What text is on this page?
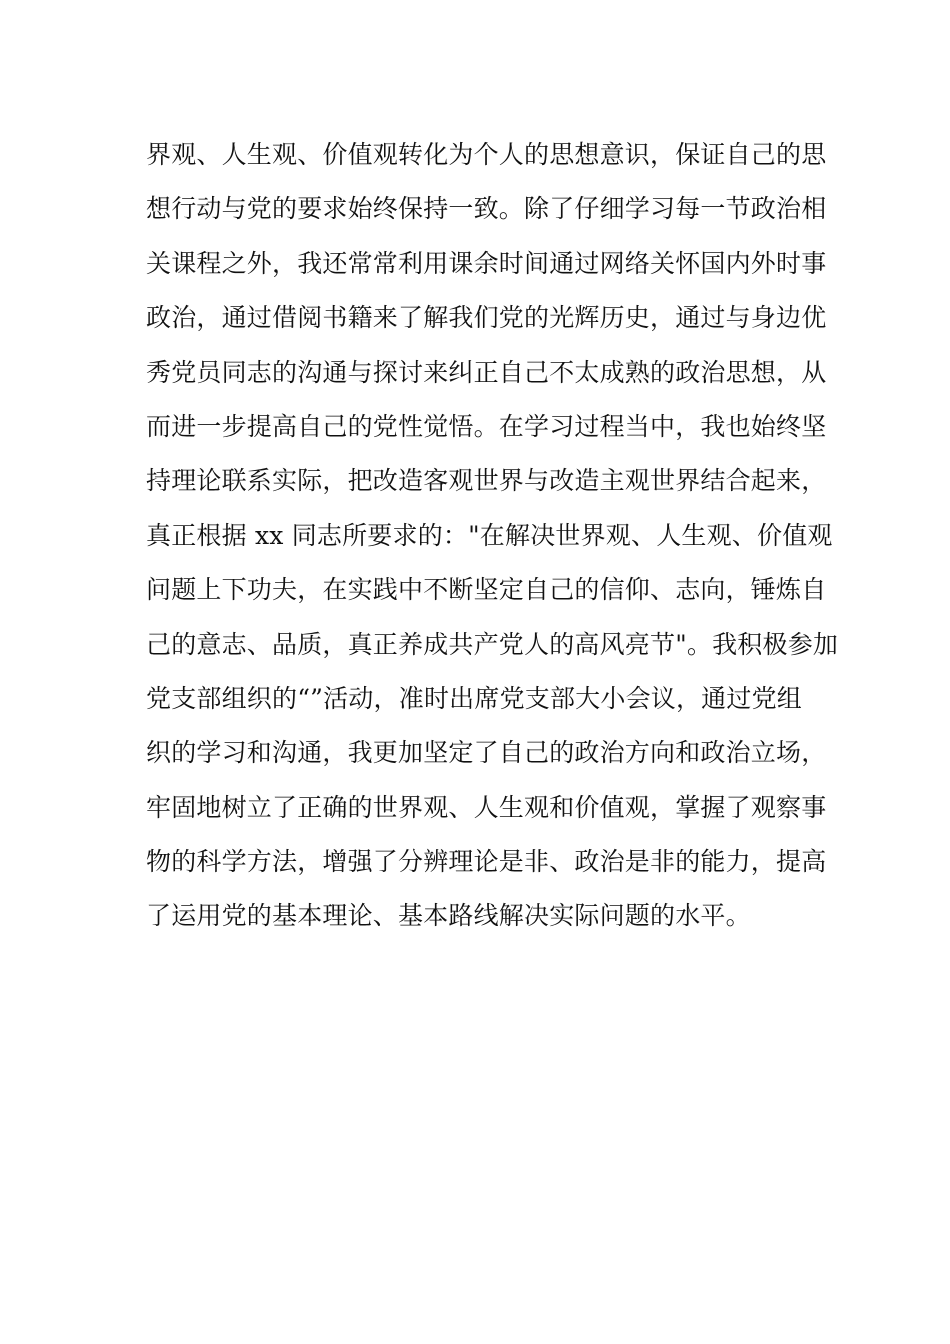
界观、人生观、价值观转化为个人的思想意识，保证自己的思
想行动与党的要求始终保持一致。除了仔细学习每一节政治相
关课程之外，我还常常利用课余时间通过网络关怀国内外时事
政治，通过借阅书籍来了解我们党的光辉历史，通过与身边优
秀党员同志的沟通与探讨来纠正自己不太成熟的政治思想，从
而进一步提高自己的党性觉悟。在学习过程当中，我也始终坚
持理论联系实际，把改造客观世界与改造主观世界结合起来，
真正根据 xx 同志所要求的："在解决世界观、人生观、价值观
问题上下功夫，在实践中不断坚定自己的信仰、志向，锤炼自
己的意志、品质，真正养成共产党人的高风亮节"。我积极参加
党支部组织的“”活动，准时出席党支部大小会议，通过党组
织的学习和沟通，我更加坚定了自己的政治方向和政治立场，
牢固地树立了正确的世界观、人生观和价值观，掌握了观察事
物的科学方法，增强了分辨理论是非、政治是非的能力，提高
了运用党的基本理论、基本路线解决实际问题的水平。
